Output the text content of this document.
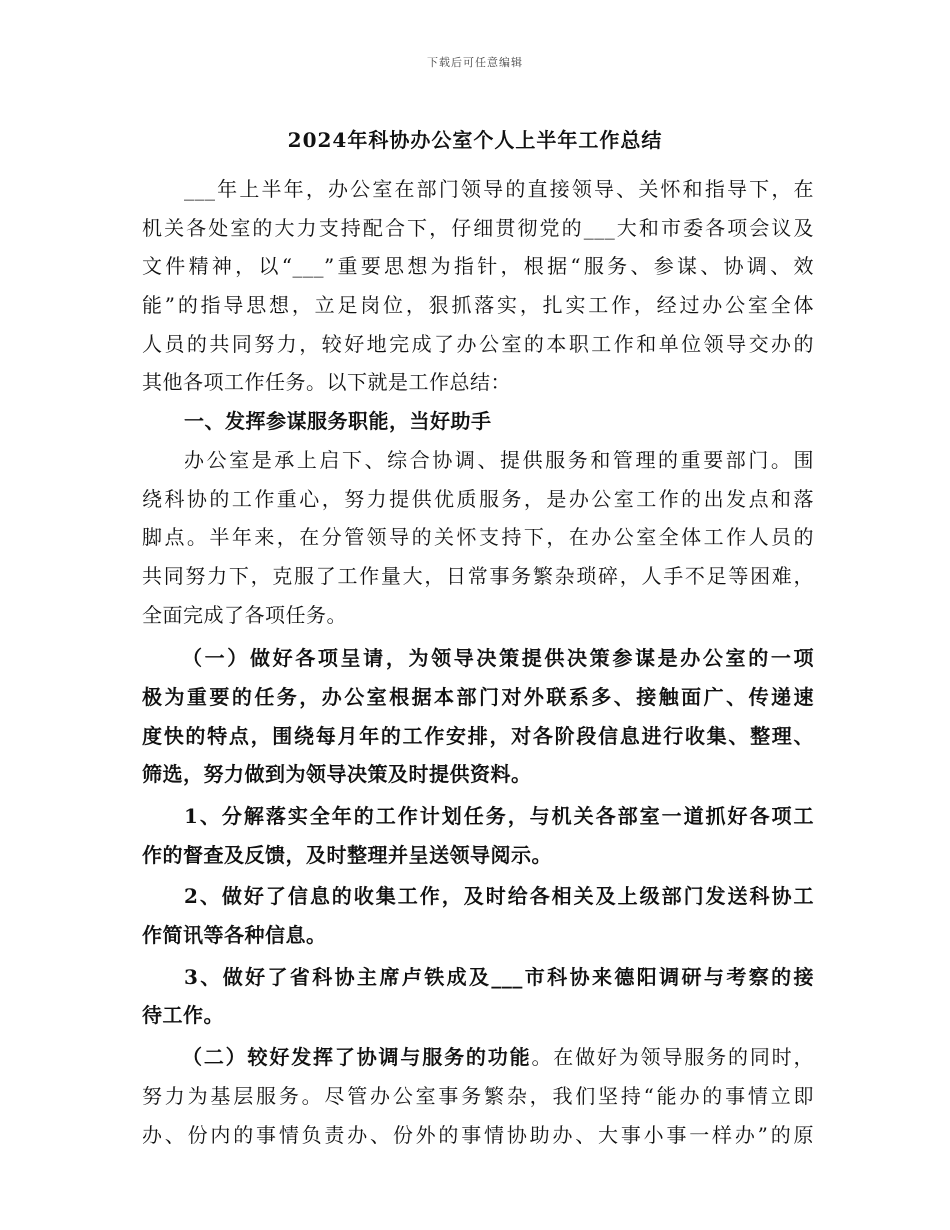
下载后可任意编辑
2024年科协办公室个人上半年工作总结
___年上半年，办公室在部门领导的直接领导、关怀和指导下，在
机关各处室的大力支持配合下，仔细贯彻党的___大和市委各项会议及
文件精神，以“___”重要思想为指针，根据“服务、参谋、协调、效
能”的指导思想，立足岗位，狠抓落实，扎实工作，经过办公室全体
人员的共同努力，较好地完成了办公室的本职工作和单位领导交办的
其他各项工作任务。以下就是工作总结：
一、发挥参谋服务职能，当好助手
办公室是承上启下、综合协调、提供服务和管理的重要部门。围
绕科协的工作重心，努力提供优质服务，是办公室工作的出发点和落
脚点。半年来，在分管领导的关怀支持下，在办公室全体工作人员的
共同努力下，克服了工作量大，日常事务繁杂琐碎，人手不足等困难，
全面完成了各项任务。
（一）做好各项呈请，为领导决策提供决策参谋是办公室的一项
极为重要的任务，办公室根据本部门对外联系多、接触面广、传递速
度快的特点，围绕每月年的工作安排，对各阶段信息进行收集、整理、
筛选，努力做到为领导决策及时提供资料。
1、分解落实全年的工作计划任务，与机关各部室一道抓好各项工
作的督查及反馈，及时整理并呈送领导阅示。
2、做好了信息的收集工作，及时给各相关及上级部门发送科协工
作简讯等各种信息。
3、做好了省科协主席卢铁成及___市科协来德阳调研与考察的接
待工作。
（二）较好发挥了协调与服务的功能。在做好为领导服务的同时，
努力为基层服务。尽管办公室事务繁杂，我们坚持“能办的事情立即
办、份内的事情负责办、份外的事情协助办、大事小事一样办”的原
